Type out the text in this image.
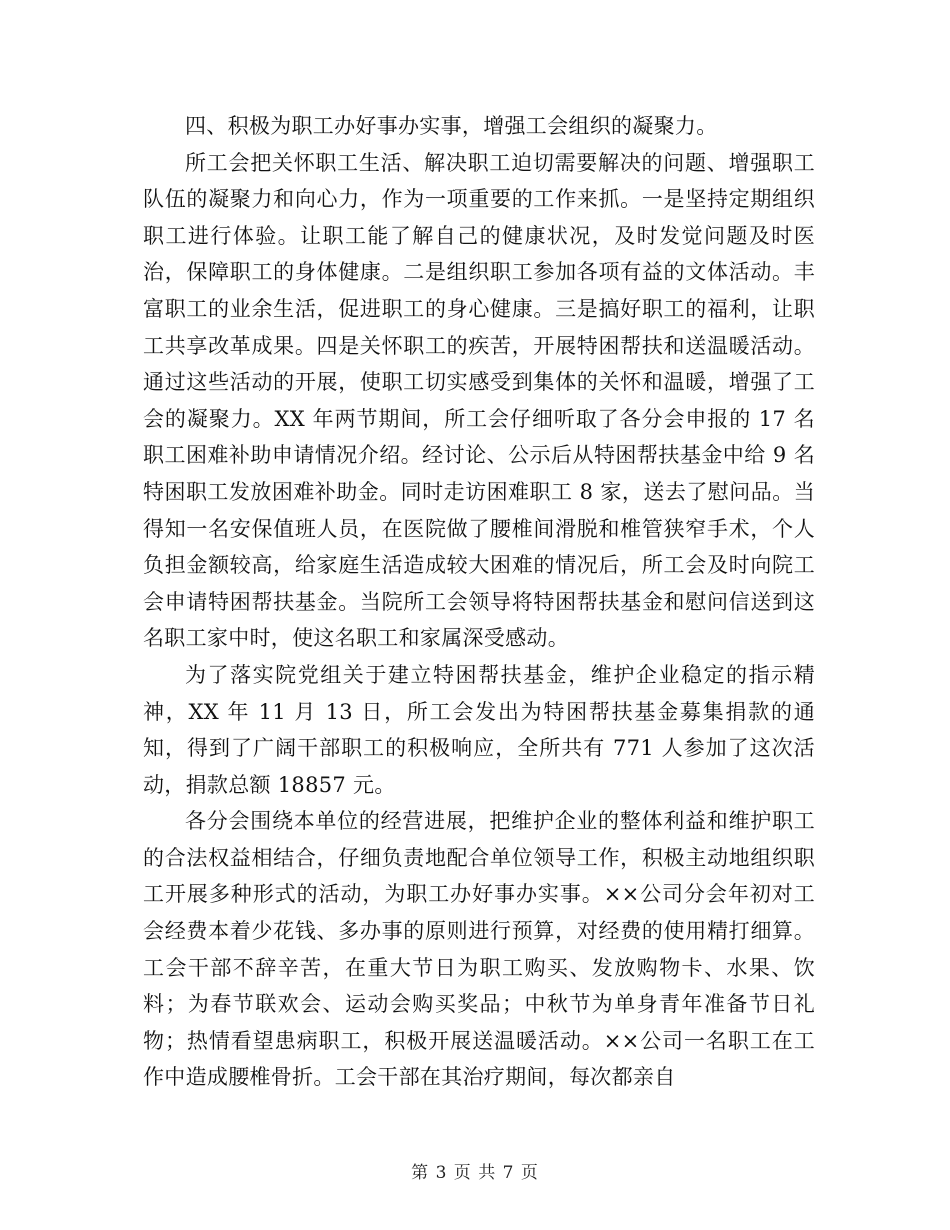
四、积极为职工办好事办实事，增强工会组织的凝聚力。

所工会把关怀职工生活、解决职工迫切需要解决的问题、增强职工队伍的凝聚力和向心力，作为一项重要的工作来抓。一是坚持定期组织职工进行体验。让职工能了解自己的健康状况，及时发觉问题及时医治，保障职工的身体健康。二是组织职工参加各项有益的文体活动。丰富职工的业余生活，促进职工的身心健康。三是搞好职工的福利，让职工共享改革成果。四是关怀职工的疾苦，开展特困帮扶和送温暖活动。通过这些活动的开展，使职工切实感受到集体的关怀和温暖，增强了工会的凝聚力。XX 年两节期间，所工会仔细听取了各分会申报的 17 名职工困难补助申请情况介绍。经讨论、公示后从特困帮扶基金中给 9 名特困职工发放困难补助金。同时走访困难职工 8 家，送去了慰问品。当得知一名安保值班人员，在医院做了腰椎间滑脱和椎管狭窄手术，个人负担金额较高，给家庭生活造成较大困难的情况后，所工会及时向院工会申请特困帮扶基金。当院所工会领导将特困帮扶基金和慰问信送到这名职工家中时，使这名职工和家属深受感动。

为了落实院党组关于建立特困帮扶基金，维护企业稳定的指示精神，XX 年 11 月 13 日，所工会发出为特困帮扶基金募集捐款的通知，得到了广阔干部职工的积极响应，全所共有 771 人参加了这次活动，捐款总额 18857 元。

各分会围绕本单位的经营进展，把维护企业的整体利益和维护职工的合法权益相结合，仔细负责地配合单位领导工作，积极主动地组织职工开展多种形式的活动，为职工办好事办实事。××公司分会年初对工会经费本着少花钱、多办事的原则进行预算，对经费的使用精打细算。工会干部不辞辛苦，在重大节日为职工购买、发放购物卡、水果、饮料；为春节联欢会、运动会购买奖品；中秋节为单身青年准备节日礼物；热情看望患病职工，积极开展送温暖活动。××公司一名职工在工作中造成腰椎骨折。工会干部在其治疗期间，每次都亲自

第 3 页 共 7 页
